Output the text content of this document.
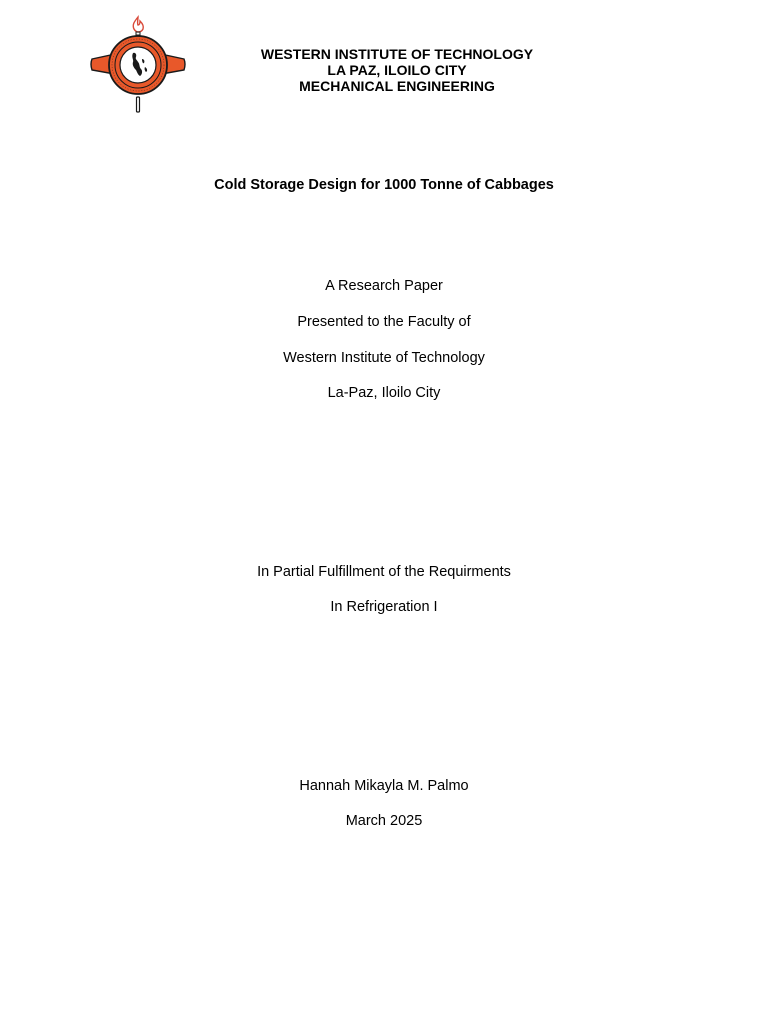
WESTERN INSTITUTE OF TECHNOLOGY
LA PAZ, ILOILO CITY
MECHANICAL ENGINEERING
Cold Storage Design for 1000 Tonne of Cabbages
A Research Paper
Presented to the Faculty of
Western Institute of Technology
La-Paz, Iloilo City
In Partial Fulfillment of the Requirments
In Refrigeration I
Hannah Mikayla M. Palmo
March 2025
